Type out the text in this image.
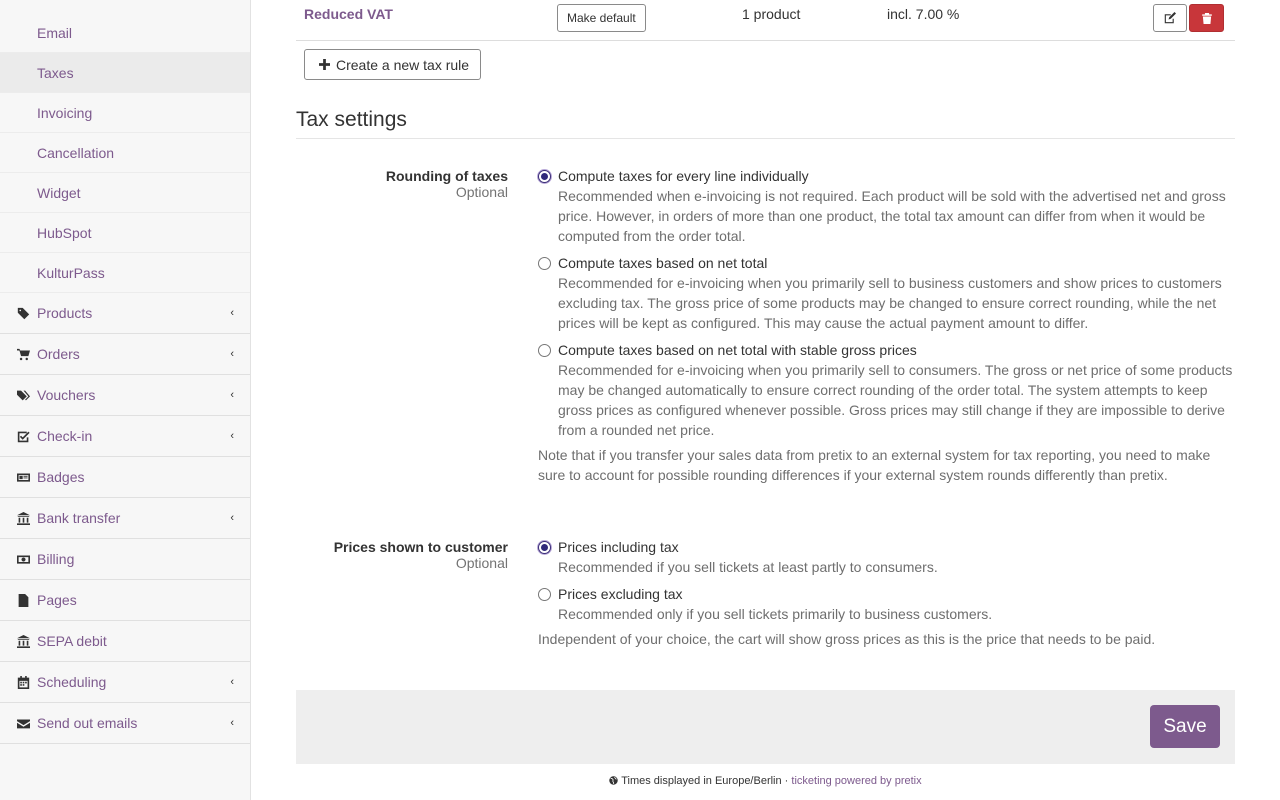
Email
Taxes
Invoicing
Cancellation
Widget
HubSpot
KulturPass
Products	‹
Orders	‹
Vouchers	‹
Check-in	‹
Badges
Bank transfer	‹
Billing
Pages
SEPA debit
Scheduling	‹
Send out emails	‹
Reduced VAT	Make default	1 product	incl. 7.00 %
Create a new tax rule
Tax settings
Rounding of taxes
Optional
Compute taxes for every line individually
Recommended when e-invoicing is not required. Each product will be sold with the advertised net and gross price. However, in orders of more than one product, the total tax amount can differ from when it would be computed from the order total.
Compute taxes based on net total
Recommended for e-invoicing when you primarily sell to business customers and show prices to customers excluding tax. The gross price of some products may be changed to ensure correct rounding, while the net prices will be kept as configured. This may cause the actual payment amount to differ.
Compute taxes based on net total with stable gross prices
Recommended for e-invoicing when you primarily sell to consumers. The gross or net price of some products may be changed automatically to ensure correct rounding of the order total. The system attempts to keep gross prices as configured whenever possible. Gross prices may still change if they are impossible to derive from a rounded net price.
Note that if you transfer your sales data from pretix to an external system for tax reporting, you need to make sure to account for possible rounding differences if your external system rounds differently than pretix.
Prices shown to customer
Optional
Prices including tax
Recommended if you sell tickets at least partly to consumers.
Prices excluding tax
Recommended only if you sell tickets primarily to business customers.
Independent of your choice, the cart will show gross prices as this is the price that needs to be paid.
Save
Times displayed in Europe/Berlin · ticketing powered by pretix
